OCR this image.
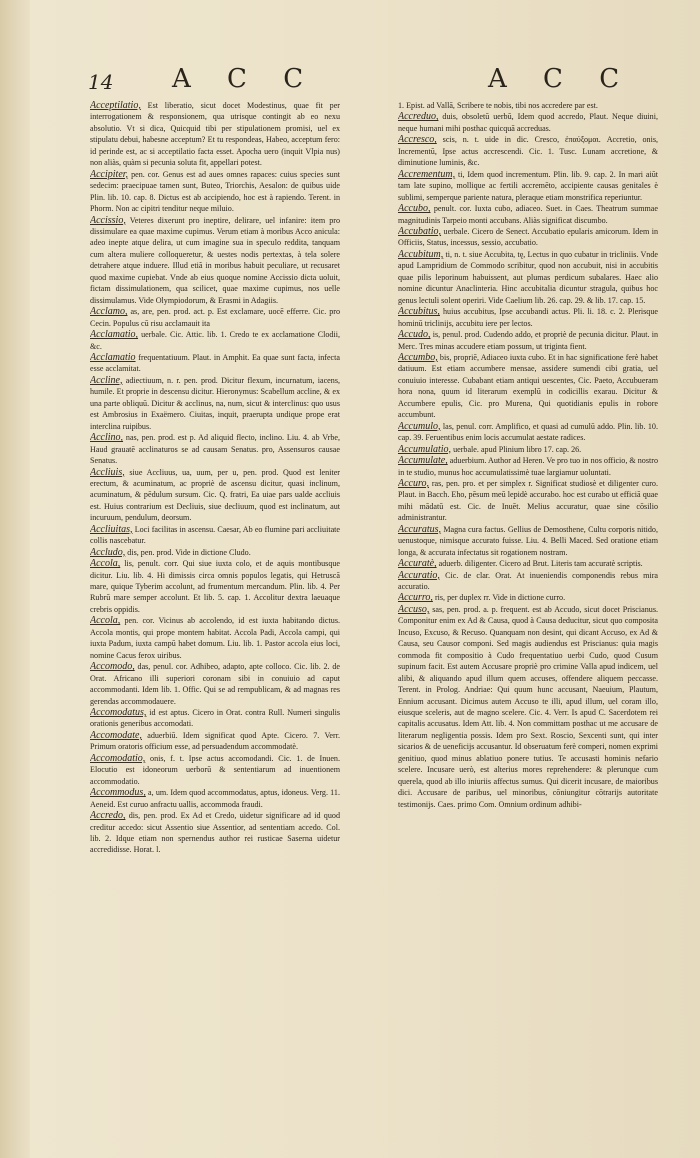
14 A C C	A C C

Acceptilatio, Est liberatio, sicut docet Modestinus, quae fit per interrogationem & responsionem, qua utrisque contingit ab eo nexu absolutio. Vt si dica, Quicquid tibi per stipulationem promisi, uel ex stipulatu debui, habesne acceptum? Et tu respondeas, Habeo, acceptum fero: id perinde est, ac si acceptilatio facta esset. Apocha uero (inquit Vlpia nus) non aliàs, quàm si pecunia soluta fit, appellari potest.

Accipiter, pen. cor. Genus est ad aues omnes rapaces: cuius species sunt sedecim: praecipuae tamen sunt, Buteo, Triorchis, Aesalon: de quibus uide Plin. lib. 10. cap. 8. Dictus est ab accipiendo, hoc est à rapiendo. Terent. in Phorm. Non ac cipitri tenditur neque miluio.

Accissio, Veteres dixerunt pro ineptire, delirare, uel infanire: item pro dissimulare ea quae maxime cupimus. Verum etiam à moribus Acco anicula: adeo inepte atque delira, ut cum imagine sua in speculo reddita, tanquam cum altera muliere colloqueretur, & uestes nodis pertextas, à tela solere detrahere atque induere. Illud etiã in moribus habuit peculiare, ut recusaret quod maxime cupiebat. Vnde ab eius quoque nomine Accissio dicta uoluit, fictam dissimulationem, qua scilicet, quae maxime cupimus, nos uelle dissimulamus. Vide Olympiodorum, & Erasmi in Adagiis.

Acclamo, as, are, pen. prod. act. p. Est exclamare, uocē efferre. Cic. pro Cecin. Populus cū risu acclamauit ita

Acclamatio, uerbale. Cic. Attic. lib. 1. Credo te ex acclamatione Clodii, &c.

Acclamatio frequentatiuum. Plaut. in Amphit. Ea quae sunt facta, infecta esse acclamitat.

Accline, adiectiuum, n. r. pen. prod. Dicitur flexum, incurnatum, iacens, humile. Et proprie in descensu dicitur. Hieronymus: Scabellum accline, & ex una parte obliquū. Dicitur & acclinus, na, num, sicut & interclinus: quo usus est Ambrosius in Exaëmero. Ciuitas, inquit, praerupta undique prope erat interclina ruipibus.

Acclino, nas, pen. prod. est p. Ad aliquid flecto, inclino. Liu. 4. ab Vrbe, Haud grauatē acclinaturos se ad causam Senatus. pro, Assensuros causae Senatus.

Accliuis, siue Accliuus, ua, uum, per u, pen. prod. Quod est leniter erectum, & acuminatum, ac propriè de ascensu dicitur, quasi inclinum, acuminatum, & pēdulum sursum. Cic. Q. fratri, Ea uiae pars ualde accliuis est. Huius contrarium est Decliuis, siue decliuum, quod est inclinatum, aut incuruum, pendulum, deorsum.

Accliuitas, Loci facilitas in ascensu. Caesar, Ab eo flumine pari accliuitate collis nascebatur.

Accludo, dis, pen. prod. Vide in dictione Cludo.

Accola, lis, penult. corr. Qui siue iuxta colo, et de aquis montibusque dicitur. Liu. lib. 4. Hi dimissis circa omnis populos legatis, qui Hetruscā mare, quique Tyberim accolunt, ad frumentum mercandum. Plin. lib. 4. Per Rubrū mare semper accolunt. Et lib. 5. cap. 1. Accolitur dextra laeuaque crebris oppidis.

Accola, pen. cor. Vicinus ab accolendo, id est iuxta habitando dictus. Accola montis, qui prope montem habitat. Accola Padi, Accola campi, qui iuxta Padum, iuxta campū habet domum. Liu. lib. 1. Pastor accola eius loci, nomine Cacus ferox uiribus.

Accomodo, das, penul. cor. Adhibeo, adapto, apte colloco. Cic. lib. 2. de Orat. Africano illi superiori coronam sibi in conuiuio ad caput accommodanti. Idem lib. 1. Offic. Qui se ad rempublicam, & ad magnas res gerendas accommodauere.

Accomodatus, id est aptus. Cicero in Orat. contra Rull. Numeri singulis orationis generibus accomodati.

Accomodate, aduerbiū. Idem significat quod Apte. Cicero. 7. Verr. Primum oratoris officium esse, ad persuadendum accommodatè.

Accomodatio, onis, f. t. Ipse actus accomodandi. Cic. 1. de Inuen. Elocutio est idoneorum uerborū & sententiarum ad inuentionem accommodatio.

Accommodus, a, um. Idem quod accommodatus, aptus, idoneus. Verg. 11. Aeneid. Est curuo anfractu uallis, accommoda fraudi.

Accredo, dis, pen. prod. Ex Ad et Credo, uidetur significare ad id quod creditur accedo: sicut Assentio siue Assentior, ad sententiam accedo. Col. lib. 2. Idque etiam non spernendus author rei rusticae Saserna uidetur accredidisse. Horat. l.

1. Epist. ad Vallā, Scribere te nobis, tibi nos accredere par est.

Accreduo, duis, obsoletū uerbū, Idem quod accredo, Plaut. Neque diuini, neque humani mihi posthac quicquā accreduas.

Accresco, scis, n. t. uide in dic. Cresco, ἐπαύξομαι. Accretio, onis, Incrementū, Ipse actus accrescendi. Cic. 1. Tusc. Lunam accretione, & diminutione luminis, &c.

Accrementum, ti, Idem quod incrementum. Plin. lib. 9. cap. 2. In mari aiūt tam late supino, mollique ac fertili accremēto, accipiente causas genitales è sublimi, semperque pariente natura, pleraque etiam monstrifica reperiuntur.

Accubo, penult. cor. Iuxta cubo, adiaceo. Suet. in Caes. Theatrum summae magnitudinis Tarpeio monti accubans. Aliàs significat discumbo.

Accubatio, uerbale. Cicero de Senect. Accubatio epularis amicorum. Idem in Officiis, Status, incessus, sessio, accubatio.

Accubitum, ti, n. t. siue Accubita, tę, Lectus in quo cubatur in tricliniis. Vnde apud Lampridium de Commodo scribitur, quod non accubuit, nisi in accubitis quae pilis leporinum habuissent, aut plumas perdicum subalares. Haec alio nomine dicuntur Anaclinteria. Hinc accubitalia dicuntur stragula, quibus hoc genus lectuli solent operiri. Vide Caelium lib. 26. cap. 29. & lib. 17. cap. 15.

Accubitus, huius accubitus, Ipse accubandi actus. Pli. li. 18. c. 2. Plerisque hominū triclinijs, accubitu iere per lectos.

Accudo, is, penul. prod. Cudendo addo, et propriè de pecunia dicitur. Plaut. in Merc. Tres minas accudere etiam possum, ut triginta fient.

Accumbo, bis, propriē, Adiaceo iuxta cubo. Et in hac significatione ferè habet datiuum. Est etiam accumbere mensae, assidere sumendi cibi gratia, uel conuiuio interesse. Cubabant etiam antiqui uescentes, Cic. Paeto, Accubueram hora nona, quum id literarum exemplū in codicillis exarau. Dicitur & Accumbere epulis, Cic. pro Murena, Qui quotidianis epulis in robore accumbunt.

Accumulo, las, penul. corr. Amplifico, et quasi ad cumulū addo. Plin. lib. 10. cap. 39. Feruentibus enim locis accumulat aestate radices.

Accumulatio, uerbale. apud Plinium libro 17. cap. 26.

Accumulate, aduerbium. Author ad Heren. Ve pro tuo in nos officio, & nostro in te studio, munus hoc accumulatissimè tuae largiamur uoluntati.

Accuro, ras, pen. pro. et per simplex r. Significat studiosè et diligenter curo. Plaut. in Bacch. Eho, pēsum meū lepidè accurabo. hoc est curabo ut efficiā quae mihi mādatū est. Cic. de Inuēt. Melius accuratur, quae sine cōsilio administrantur.

Accuratus, Magna cura factus. Gellius de Demosthene, Cultu corporis nitido, uenustoque, nimisque accurato fuisse. Liu. 4. Belli Maced. Sed oratione etiam longa, & accurata infectatus sit rogationem nostram.

Accuratè, aduerb. diligenter. Cicero ad Brut. Literis tam accuratè scriptis.

Accuratio, Cic. de clar. Orat. At inueniendis componendis rebus mira accuratio.

Accurro, ris, per duplex rr. Vide in dictione curro.

Accuso, sas, pen. prod. a. p. frequent. est ab Accudo, sicut docet Priscianus. Componitur enim ex Ad & Causa, quod à Causa deducitur, sicut quo composita Incuso, Excuso, & Recuso. Quanquam non desint, qui dicant Accuso, ex Ad & Causa, seu Causor componi. Sed magis audiendus est Priscianus: quia magis commoda fit compositio à Cudo frequentatiuo uerbi Cudo, quod Cusum supinum facit. Est autem Accusare propriè pro crimine Valla apud indicem, uel alibi, & aliquando apud illum quem accuses, offendere aliquem peccasse. Terent. in Prolog. Andriae: Qui quum hunc accusant, Naeuium, Plautum, Ennium accusant. Dicimus autem Accuso te illi, apud illum, uel coram illo, eiusque sceleris, aut de magno scelere. Cic. 4. Verr. Is apud C. Sacerdotem rei capitalis accusatus. Idem Att. lib. 4. Non committam posthac ut me accusare de literarum negligentia possis. Idem pro Sext. Roscio, Sexcenti sunt, qui inter sicarios & de ueneficijs accusantur. Id obseruatum ferè comperi, nomen exprimi genitiuo, quod minus ablatiuo ponere tutius. Te accusasti hominis nefario scelere. Incusare uerò, est alterius mores reprehendere: & plerunque cum querela, quod ab illo iniuriis affectus sumus. Qui dicerit incusare, de maioribus dici. Accusare de paribus, uel minoribus, cōniungitur cōtrarijs autoritate testimonijs. Caes. primo Com. Omnium ordinum adhibi-
